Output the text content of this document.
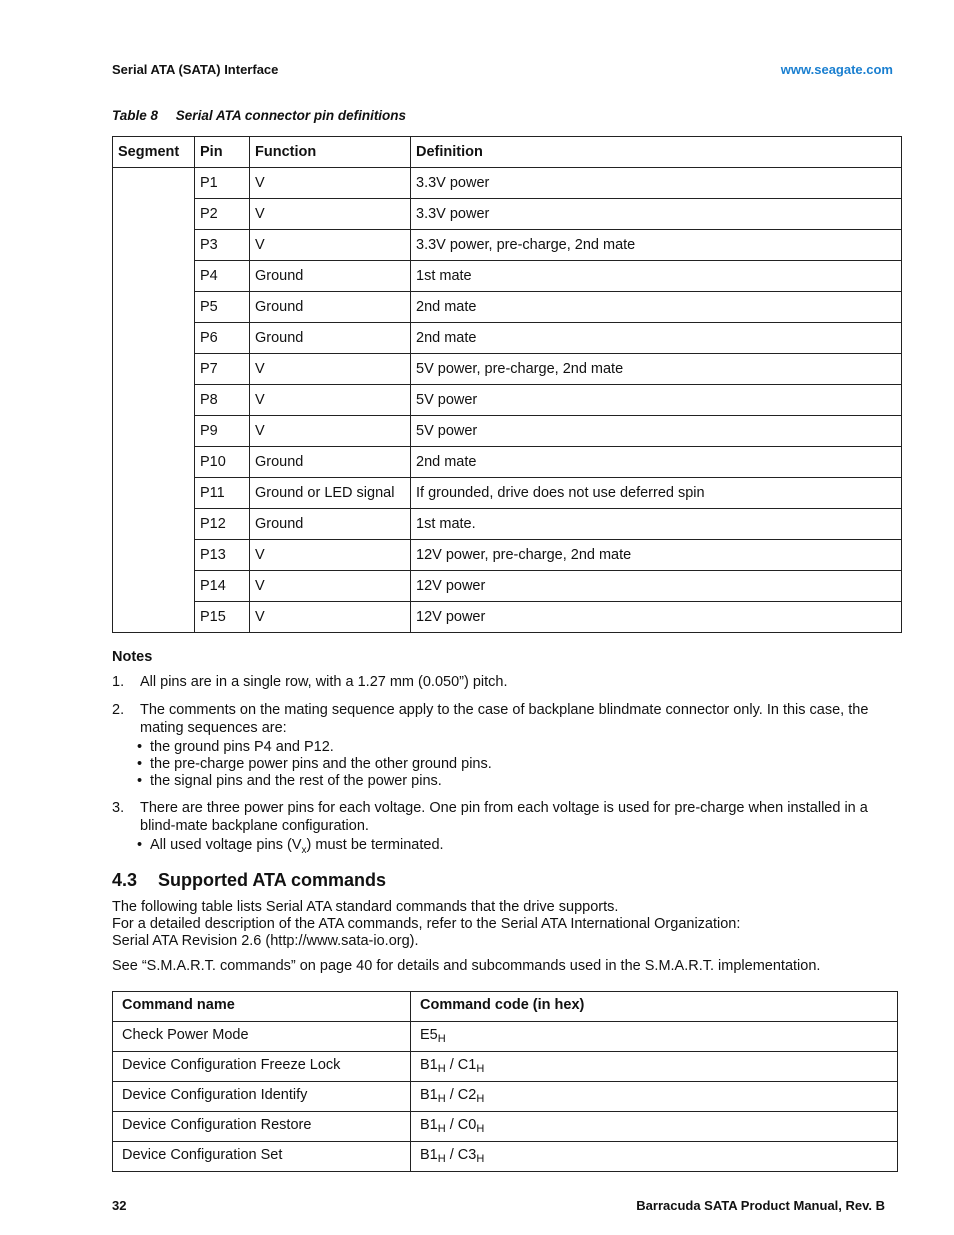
Serial ATA (SATA) Interface	www.seagate.com
Table 8 Serial ATA connector pin definitions
Segment	Pin	Function	Definition
	P1	V	3.3V power
	P2	V	3.3V power
	P3	V	3.3V power, pre-charge, 2nd mate
	P4	Ground	1st mate
	P5	Ground	2nd mate
	P6	Ground	2nd mate
	P7	V	5V power, pre-charge, 2nd mate
	P8	V	5V power
	P9	V	5V power
	P10	Ground	2nd mate
	P11	Ground or LED signal	If grounded, drive does not use deferred spin
	P12	Ground	1st mate.
	P13	V	12V power, pre-charge, 2nd mate
	P14	V	12V power
	P15	V	12V power
Notes
1. All pins are in a single row, with a 1.27 mm (0.050”) pitch.
2. The comments on the mating sequence apply to the case of backplane blindmate connector only. In this case, the mating sequences are:
• the ground pins P4 and P12.
• the pre-charge power pins and the other ground pins.
• the signal pins and the rest of the power pins.
3. There are three power pins for each voltage. One pin from each voltage is used for pre-charge when installed in a blind-mate backplane configuration.
• All used voltage pins $(V_x)$ must be terminated.
4.3 Supported ATA commands
The following table lists Serial ATA standard commands that the drive supports.
For a detailed description of the ATA commands, refer to the Serial ATA International Organization:
Serial ATA Revision 2.6 (http://www.sata-io.org).
See “S.M.A.R.T. commands” on page 40 for details and subcommands used in the S.M.A.R.T. implementation.
Command name	Command code (in hex)
Check Power Mode	$E5_H$
Device Configuration Freeze Lock	$B1_H / C1_H$
Device Configuration Identify	$B1_H / C2_H$
Device Configuration Restore	$B1_H / C0_H$
Device Configuration Set	$B1_H / C3_H$
32	Barracuda SATA Product Manual, Rev. B
